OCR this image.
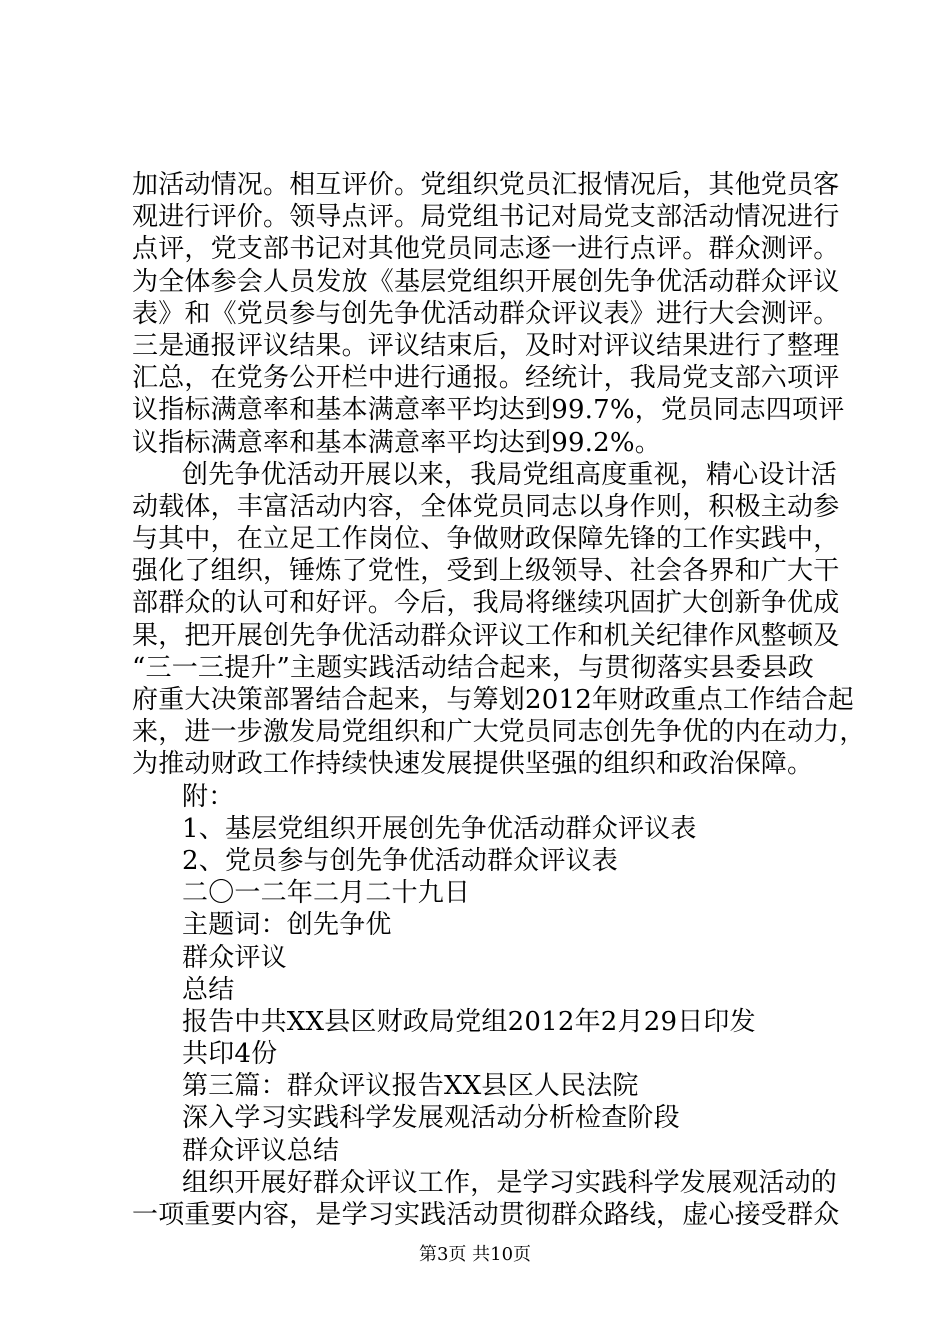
加活动情况。相互评价。党组织党员汇报情况后，其他党员客
观进行评价。领导点评。局党组书记对局党支部活动情况进行
点评，党支部书记对其他党员同志逐一进行点评。群众测评。
为全体参会人员发放《基层党组织开展创先争优活动群众评议
表》和《党员参与创先争优活动群众评议表》进行大会测评。
三是通报评议结果。评议结束后，及时对评议结果进行了整理
汇总，在党务公开栏中进行通报。经统计，我局党支部六项评
议指标满意率和基本满意率平均达到99.7%，党员同志四项评
议指标满意率和基本满意率平均达到99.2%。
创先争优活动开展以来，我局党组高度重视，精心设计活
动载体，丰富活动内容，全体党员同志以身作则，积极主动参
与其中，在立足工作岗位、争做财政保障先锋的工作实践中，
强化了组织，锤炼了党性，受到上级领导、社会各界和广大干
部群众的认可和好评。今后，我局将继续巩固扩大创新争优成
果，把开展创先争优活动群众评议工作和机关纪律作风整顿及
“三一三提升”主题实践活动结合起来，与贯彻落实县委县政
府重大决策部署结合起来，与筹划2012年财政重点工作结合起
来，进一步激发局党组织和广大党员同志创先争优的内在动力，
为推动财政工作持续快速发展提供坚强的组织和政治保障。
附：
1、基层党组织开展创先争优活动群众评议表
2、党员参与创先争优活动群众评议表
二〇一二年二月二十九日
主题词：创先争优
群众评议
总结
报告中共XX县区财政局党组2012年2月29日印发
共印4份
第三篇：群众评议报告XX县区人民法院
深入学习实践科学发展观活动分析检查阶段
群众评议总结
组织开展好群众评议工作，是学习实践科学发展观活动的
一项重要内容，是学习实践活动贯彻群众路线，虚心接受群众
第3页 共10页
